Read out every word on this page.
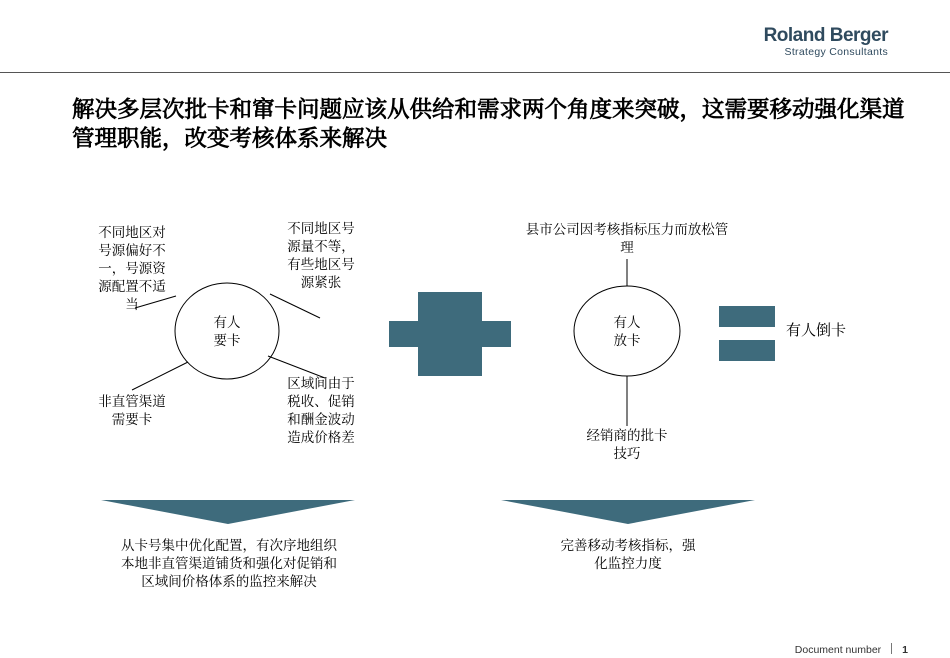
Roland Berger
Strategy Consultants
解决多层次批卡和窜卡问题应该从供给和需求两个角度来突破，这需要移动强化渠道管理职能，改变考核体系来解决
有人
要卡
不同地区对
号源偏好不
一，号源资
源配置不适
当
不同地区号
源量不等，
有些地区号
源紧张
非直管渠道
需要卡
区域间由于
税收、促销
和酬金波动
造成价格差
有人
放卡
县市公司因考核指标压力而放松管
理
经销商的批卡
技巧
有人倒卡
从卡号集中优化配置，有次序地组织
本地非直管渠道铺货和强化对促销和
区域间价格体系的监控来解决
完善移动考核指标，强
化监控力度
Document number 1
